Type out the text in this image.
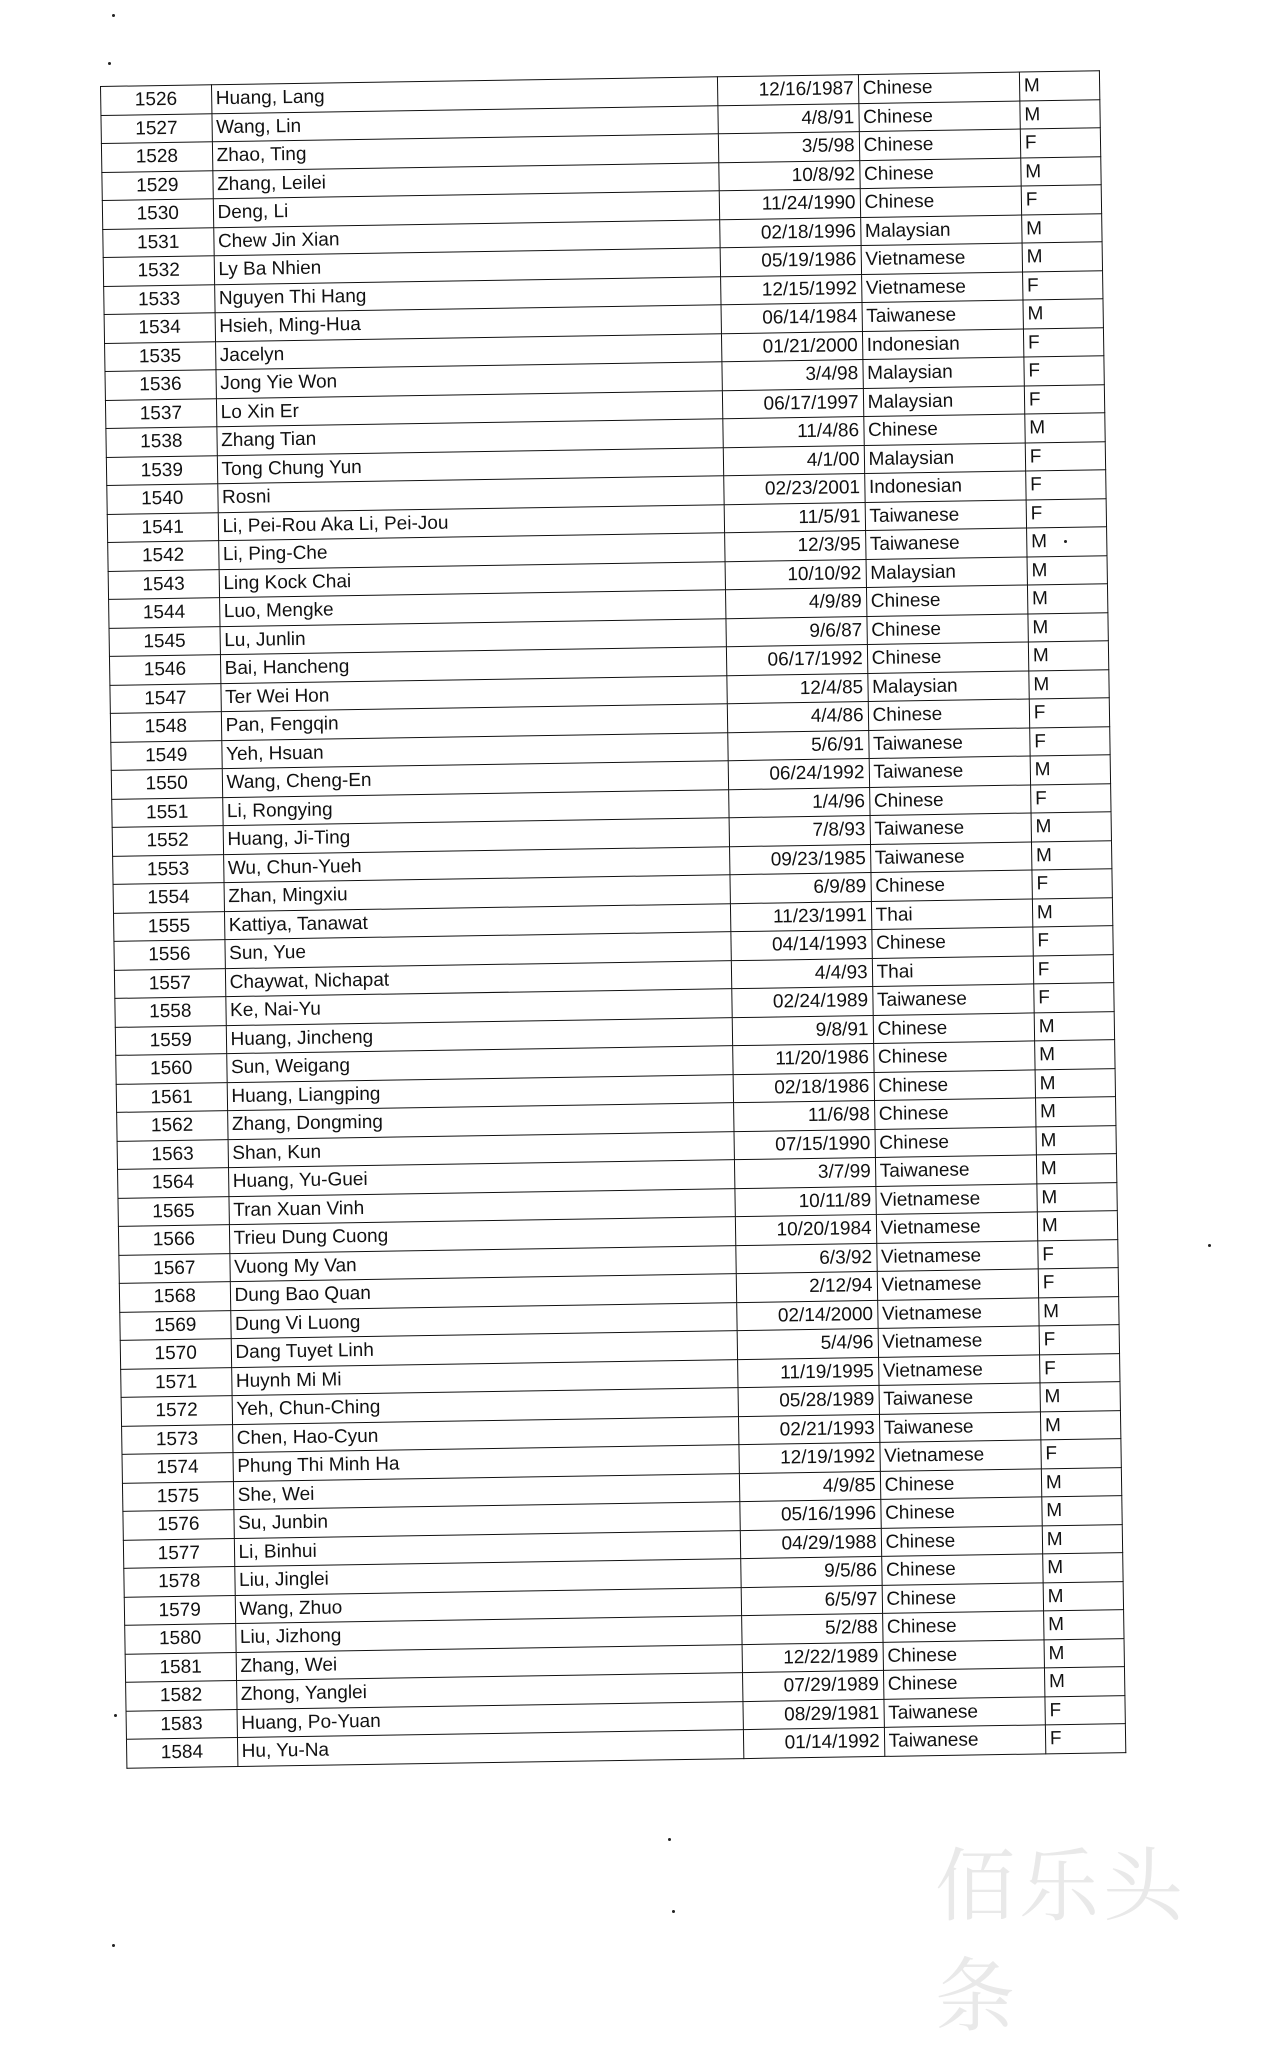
1526	Huang, Lang	12/16/1987	Chinese	M
1527	Wang, Lin	4/8/91	Chinese	M
1528	Zhao, Ting	3/5/98	Chinese	F
1529	Zhang, Leilei	10/8/92	Chinese	M
1530	Deng, Li	11/24/1990	Chinese	F
1531	Chew Jin Xian	02/18/1996	Malaysian	M
1532	Ly Ba Nhien	05/19/1986	Vietnamese	M
1533	Nguyen Thi Hang	12/15/1992	Vietnamese	F
1534	Hsieh, Ming-Hua	06/14/1984	Taiwanese	M
1535	Jacelyn	01/21/2000	Indonesian	F
1536	Jong Yie Won	3/4/98	Malaysian	F
1537	Lo Xin Er	06/17/1997	Malaysian	F
1538	Zhang Tian	11/4/86	Chinese	M
1539	Tong Chung Yun	4/1/00	Malaysian	F
1540	Rosni	02/23/2001	Indonesian	F
1541	Li, Pei-Rou Aka Li, Pei-Jou	11/5/91	Taiwanese	F
1542	Li, Ping-Che	12/3/95	Taiwanese	M
1543	Ling Kock Chai	10/10/92	Malaysian	M
1544	Luo, Mengke	4/9/89	Chinese	M
1545	Lu, Junlin	9/6/87	Chinese	M
1546	Bai, Hancheng	06/17/1992	Chinese	M
1547	Ter Wei Hon	12/4/85	Malaysian	M
1548	Pan, Fengqin	4/4/86	Chinese	F
1549	Yeh, Hsuan	5/6/91	Taiwanese	F
1550	Wang, Cheng-En	06/24/1992	Taiwanese	M
1551	Li, Rongying	1/4/96	Chinese	F
1552	Huang, Ji-Ting	7/8/93	Taiwanese	M
1553	Wu, Chun-Yueh	09/23/1985	Taiwanese	M
1554	Zhan, Mingxiu	6/9/89	Chinese	F
1555	Kattiya, Tanawat	11/23/1991	Thai	M
1556	Sun, Yue	04/14/1993	Chinese	F
1557	Chaywat, Nichapat	4/4/93	Thai	F
1558	Ke, Nai-Yu	02/24/1989	Taiwanese	F
1559	Huang, Jincheng	9/8/91	Chinese	M
1560	Sun, Weigang	11/20/1986	Chinese	M
1561	Huang, Liangping	02/18/1986	Chinese	M
1562	Zhang, Dongming	11/6/98	Chinese	M
1563	Shan, Kun	07/15/1990	Chinese	M
1564	Huang, Yu-Guei	3/7/99	Taiwanese	M
1565	Tran Xuan Vinh	10/11/89	Vietnamese	M
1566	Trieu Dung Cuong	10/20/1984	Vietnamese	M
1567	Vuong My Van	6/3/92	Vietnamese	F
1568	Dung Bao Quan	2/12/94	Vietnamese	F
1569	Dung Vi Luong	02/14/2000	Vietnamese	M
1570	Dang Tuyet Linh	5/4/96	Vietnamese	F
1571	Huynh Mi Mi	11/19/1995	Vietnamese	F
1572	Yeh, Chun-Ching	05/28/1989	Taiwanese	M
1573	Chen, Hao-Cyun	02/21/1993	Taiwanese	M
1574	Phung Thi Minh Ha	12/19/1992	Vietnamese	F
1575	She, Wei	4/9/85	Chinese	M
1576	Su, Junbin	05/16/1996	Chinese	M
1577	Li, Binhui	04/29/1988	Chinese	M
1578	Liu, Jinglei	9/5/86	Chinese	M
1579	Wang, Zhuo	6/5/97	Chinese	M
1580	Liu, Jizhong	5/2/88	Chinese	M
1581	Zhang, Wei	12/22/1989	Chinese	M
1582	Zhong, Yanglei	07/29/1989	Chinese	M
1583	Huang, Po-Yuan	08/29/1981	Taiwanese	F
1584	Hu, Yu-Na	01/14/1992	Taiwanese	F
佰乐头条
